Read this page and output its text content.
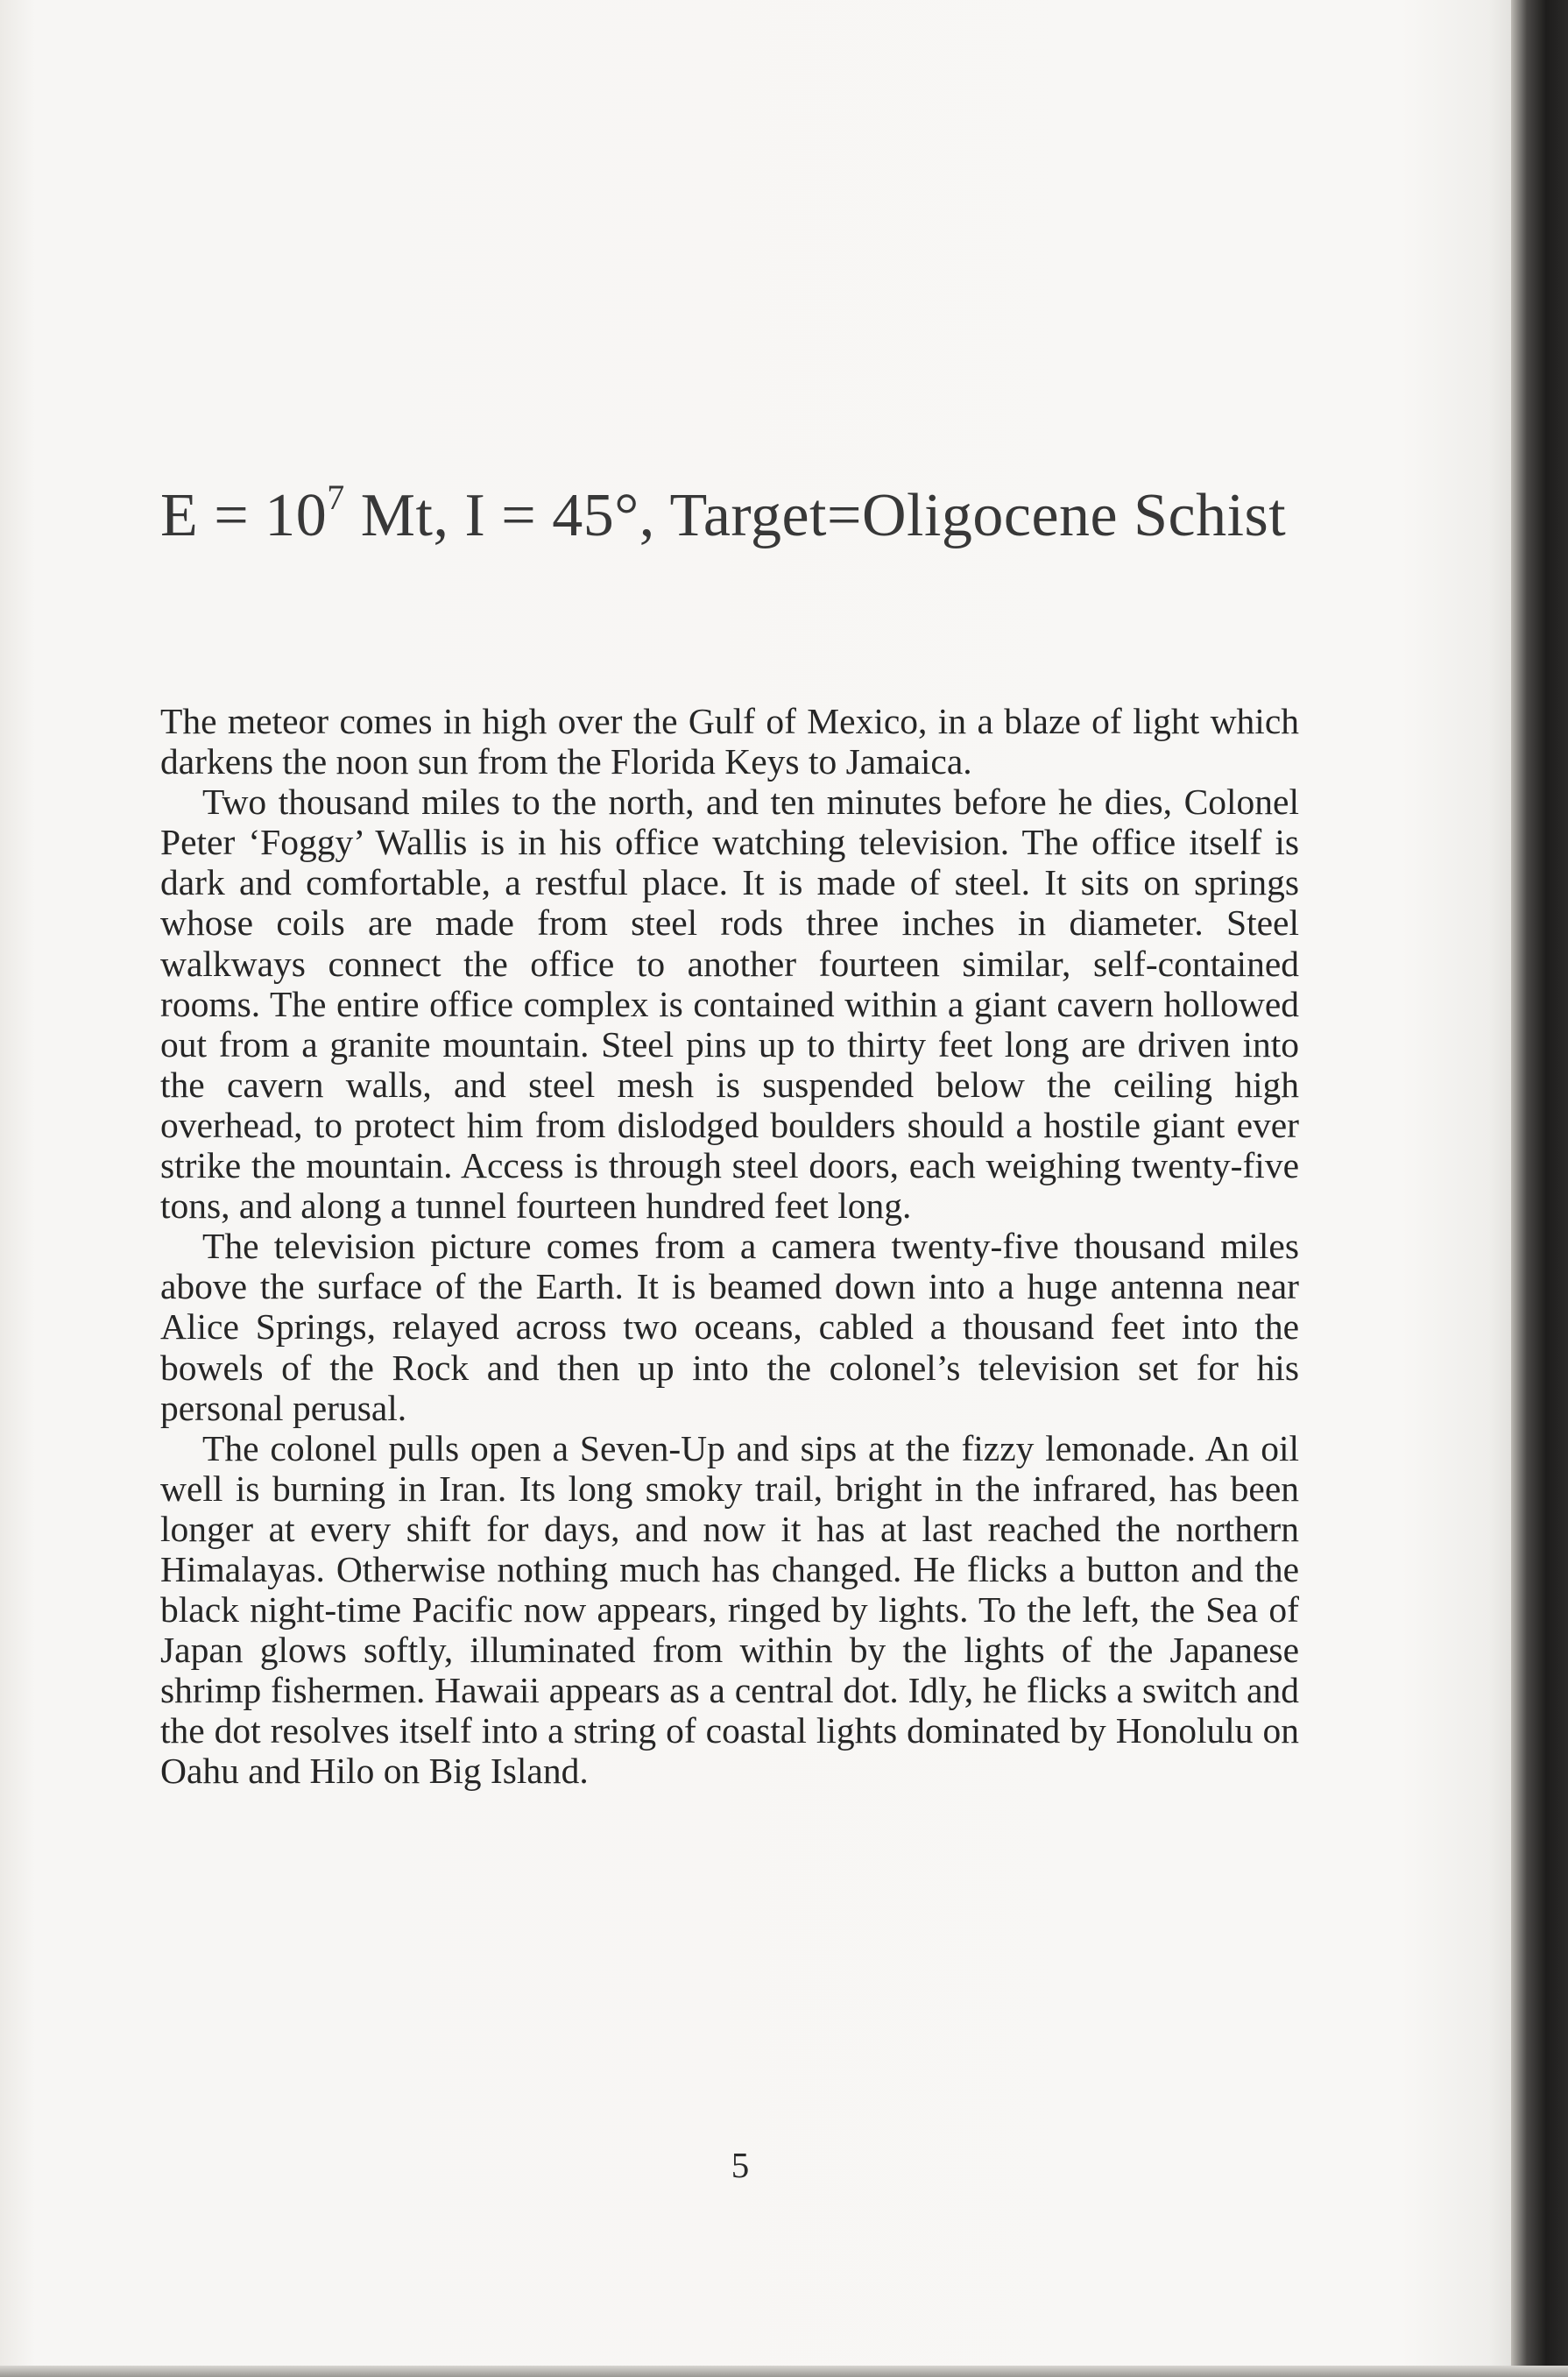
$E = 10^7$ Mt, I = 45°, Target=Oligocene Schist

The meteor comes in high over the Gulf of Mexico, in a blaze of light which darkens the noon sun from the Florida Keys to Jamaica.

Two thousand miles to the north, and ten minutes before he dies, Colonel Peter ‘Foggy’ Wallis is in his office watching television. The office itself is dark and comfortable, a restful place. It is made of steel. It sits on springs whose coils are made from steel rods three inches in diameter. Steel walkways connect the office to another fourteen similar, self-contained rooms. The entire office complex is contained within a giant cavern hollowed out from a granite mountain. Steel pins up to thirty feet long are driven into the cavern walls, and steel mesh is suspended below the ceiling high overhead, to protect him from dislodged boulders should a hostile giant ever strike the mountain. Access is through steel doors, each weighing twenty-five tons, and along a tunnel fourteen hundred feet long.

The television picture comes from a camera twenty-five thousand miles above the surface of the Earth. It is beamed down into a huge antenna near Alice Springs, relayed across two oceans, cabled a thousand feet into the bowels of the Rock and then up into the colonel’s television set for his personal perusal.

The colonel pulls open a Seven-Up and sips at the fizzy lemonade. An oil well is burning in Iran. Its long smoky trail, bright in the infrared, has been longer at every shift for days, and now it has at last reached the northern Himalayas. Otherwise nothing much has changed. He flicks a button and the black night-time Pacific now appears, ringed by lights. To the left, the Sea of Japan glows softly, illuminated from within by the lights of the Japanese shrimp fishermen. Hawaii appears as a central dot. Idly, he flicks a switch and the dot resolves itself into a string of coastal lights dominated by Honolulu on Oahu and Hilo on Big Island.

5
